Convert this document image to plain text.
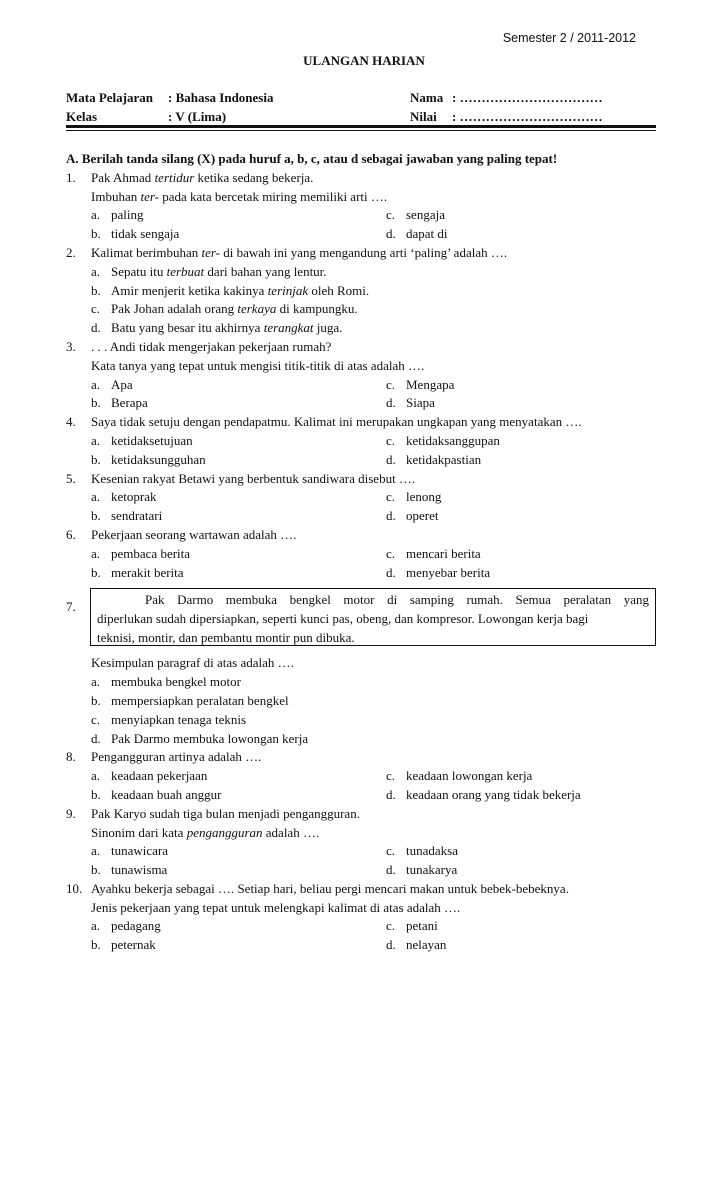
Semester 2 / 2011-2012
ULANGAN HARIAN
Mata Pelajaran : Bahasa Indonesia
Kelas	: V (Lima)
Nama : ……………………………
Nilai : ……………………………
A. Berilah tanda silang (X) pada huruf a, b, c, atau d sebagai jawaban yang paling tepat!
1. Pak Ahmad tertidur ketika sedang bekerja.
Imbuhan ter- pada kata bercetak miring memiliki arti ….
a. paling	c. sengaja
b. tidak sengaja	d. dapat di
2. Kalimat berimbuhan ter- di bawah ini yang mengandung arti ‘paling’ adalah ….
a. Sepatu itu terbuat dari bahan yang lentur.
b. Amir menjerit ketika kakinya terinjak oleh Romi.
c. Pak Johan adalah orang terkaya di kampungku.
d. Batu yang besar itu akhirnya terangkat juga.
3. . . . Andi tidak mengerjakan pekerjaan rumah?
Kata tanya yang tepat untuk mengisi titik-titik di atas adalah ….
a. Apa	c. Mengapa
b. Berapa	d. Siapa
4. Saya tidak setuju dengan pendapatmu. Kalimat ini merupakan ungkapan yang menyatakan ….
a. ketidaksetujuan	c. ketidaksanggupan
b. ketidaksungguhan	d. ketidakpastian
5. Kesenian rakyat Betawi yang berbentuk sandiwara disebut ….
a. ketoprak	c. lenong
b. sendratari	d. operet
6. Pekerjaan seorang wartawan adalah ….
a. pembaca berita	c. mencari berita
b. merakit berita	d. menyebar berita
7.	Pak Darmo membuka bengkel motor di samping rumah. Semua peralatan yang
diperlukan sudah dipersiapkan, seperti kunci pas, obeng, dan kompresor. Lowongan kerja bagi
teknisi, montir, dan pembantu montir pun dibuka.
Kesimpulan paragraf di atas adalah ….
a. membuka bengkel motor
b. mempersiapkan peralatan bengkel
c. menyiapkan tenaga teknis
d. Pak Darmo membuka lowongan kerja
8. Pengangguran artinya adalah ….
a. keadaan pekerjaan	c. keadaan lowongan kerja
b. keadaan buah anggur	d. keadaan orang yang tidak bekerja
9. Pak Karyo sudah tiga bulan menjadi pengangguran.
Sinonim dari kata pengangguran adalah ….
a. tunawicara	c. tunadaksa
b. tunawisma	d. tunakarya
10. Ayahku bekerja sebagai …. Setiap hari, beliau pergi mencari makan untuk bebek-bebeknya.
Jenis pekerjaan yang tepat untuk melengkapi kalimat di atas adalah ….
a. pedagang	c. petani
b. peternak	d. nelayan
